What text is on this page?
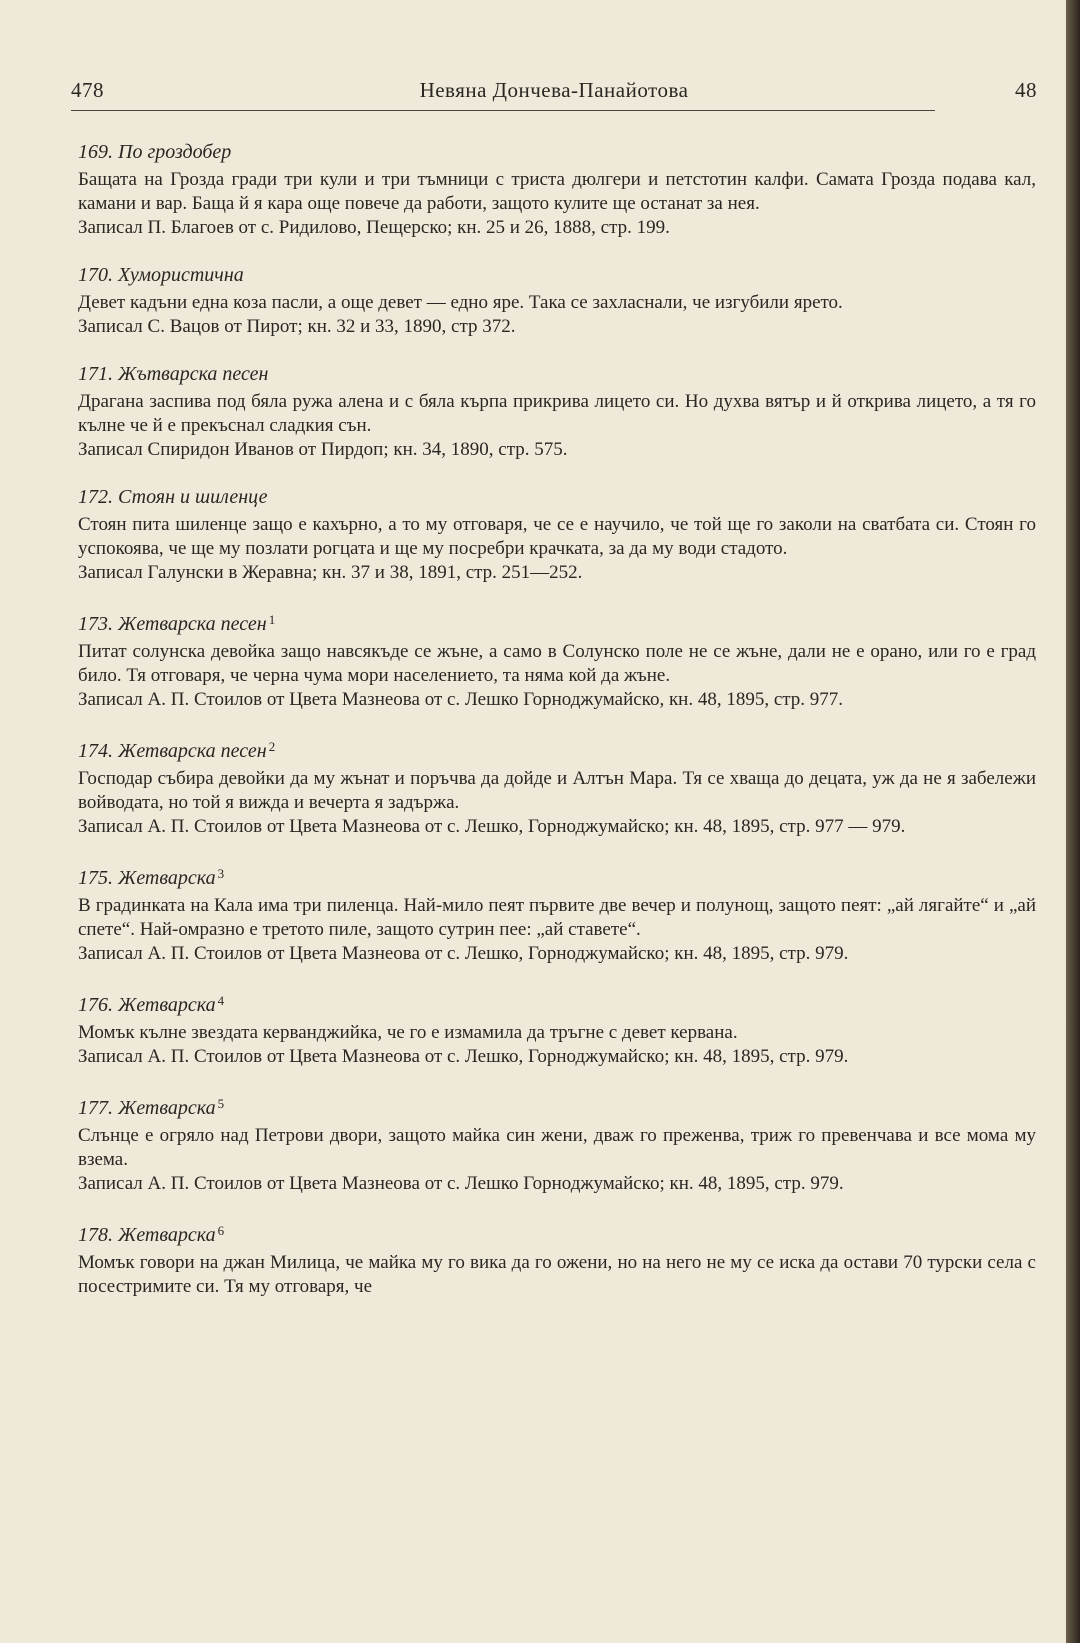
478	Невяна Дончева-Панайотова	48
169. По гроздобер

Бащата на Грозда гради три кули и три тъмници с триста дюлгери и петстотин калфи. Самата Грозда подава кал, камани и вар. Баща й я кара още повече да работи, защото кулите ще останат за нея.

Записал П. Благоев от с. Ридилово, Пещерско; кн. 25 и 26, 1888, стр. 199.

170. Хумористична

Девет кадъни една коза пасли, а още девет — едно яре. Така се захласнали, че изгубили ярето.

Записал С. Вацов от Пирот; кн. 32 и 33, 1890, стр 372.

171. Жътварска песен

Драгана заспива под бяла ружа алена и с бяла кърпа прикрива лицето си. Но духва вятър и й открива лицето, а тя го кълне че й е прекъснал сладкия сън.

Записал Спиридон Иванов от Пирдоп; кн. 34, 1890, стр. 575.

172. Стоян и шиленце

Стоян пита шиленце защо е кахърно, а то му отговаря, че се е научило, че той ще го заколи на сватбата си. Стоян го успокоява, че ще му позлати рогцата и ще му посребри крачката, за да му води стадото.

Записал Галунски в Жеравна; кн. 37 и 38, 1891, стр. 251—252.

173. Жетварска песен $^1$

Питат солунска девойка защо навсякъде се жъне, а само в Солунско поле не се жъне, дали не е орано, или го е град било. Тя отговаря, че черна чума мори населението, та няма кой да жъне.

Записал А. П. Стоилов от Цвета Мазнеова от с. Лешко Горноджумайско, кн. 48, 1895, стр. 977.

174. Жетварска песен $^2$

Господар събира девойки да му жънат и поръчва да дойде и Алтън Мара. Тя се хваща до децата, уж да не я забележи войводата, но той я вижда и вечерта я задържа.

Записал А. П. Стоилов от Цвета Мазнеова от с. Лешко, Горноджумайско; кн. 48, 1895, стр. 977 — 979.

175. Жетварска $^3$

В градинката на Кала има три пиленца. Най-мило пеят първите две вечер и полунощ, защото пеят: „ай лягайте“ и „ай спете“. Най-омразно е третото пиле, защото сутрин пее: „ай ставете“.

Записал А. П. Стоилов от Цвета Мазнеова от с. Лешко, Горноджумайско; кн. 48, 1895, стр. 979.

176. Жетварска $^4$

Момък кълне звездата керванджийка, че го е измамила да тръгне с девет кервана.

Записал А. П. Стоилов от Цвета Мазнеова от с. Лешко, Горноджумайско; кн. 48, 1895, стр. 979.

177. Жетварска $^5$

Слънце е огряло над Петрови двори, защото майка син жени, дваж го преженва, триж го превенчава и все мома му взема.

Записал А. П. Стоилов от Цвета Мазнеова от с. Лешко Горноджумайско; кн. 48, 1895, стр. 979.

178. Жетварска $^6$

Момък говори на джан Милица, че майка му го вика да го ожени, но на него не му се иска да остави 70 турски села с посестримите си. Тя му отговаря, че
